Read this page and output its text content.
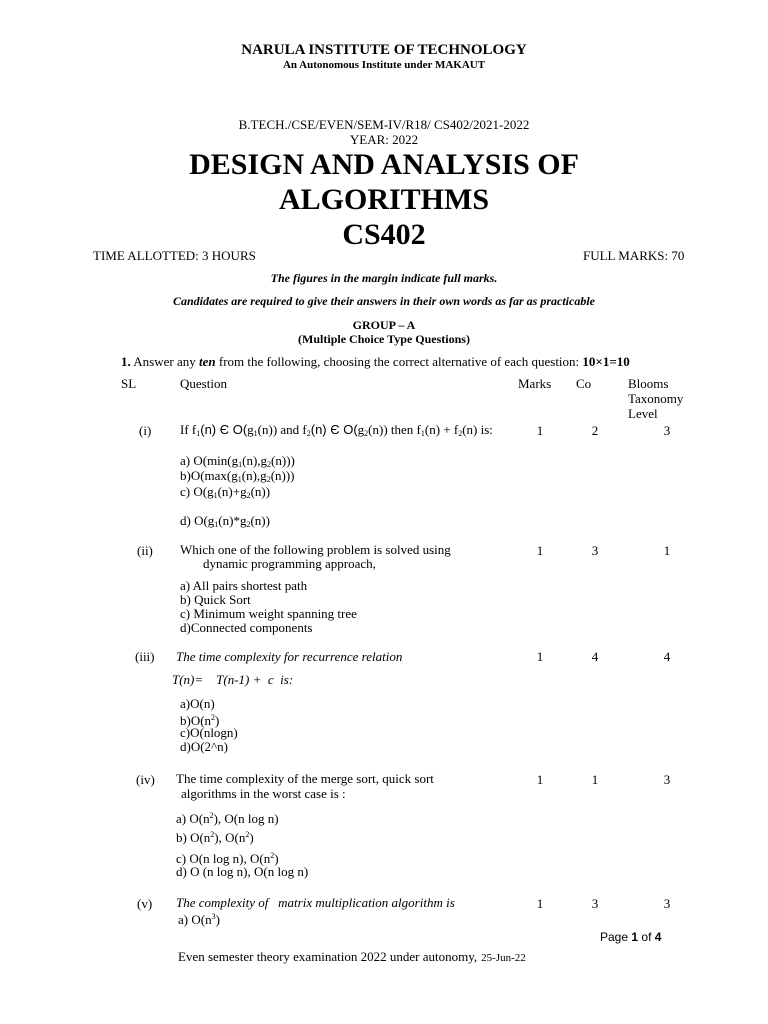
NARULA INSTITUTE OF TECHNOLOGY
An Autonomous Institute under MAKAUT
B.TECH./CSE/EVEN/SEM-IV/R18/ CS402/2021-2022
YEAR: 2022
DESIGN AND ANALYSIS OF
ALGORITHMS
CS402
TIME ALLOTTED: 3 HOURS	FULL MARKS: 70
The figures in the margin indicate full marks.
Candidates are required to give their answers in their own words as far as practicable
GROUP – A
(Multiple Choice Type Questions)
1. Answer any ten from the following, choosing the correct alternative of each question: 10×1=10
SL	Question	Marks Co	Blooms
Taxonomy
Level
(i) If $f_1(n)$ Є $O(g_1(n))$ and $f_2(n)$ Є $O(g_2(n))$ then $f_1(n) + f_2(n)$ is:
a) $O(\min(g_1(n),g_2(n)))$
$b)O(\max(g_1(n),g_2(n)))$
c) $O(g_1(n)+g_2(n))$
d) $O(g_1(n)*g_2(n))$
1	2	3
(ii) Which one of the following problem is solved using
dynamic programming approach,
a) All pairs shortest path
b) Quick Sort
c) Minimum weight spanning tree
d)Connected components
1	3	1
(iii) The time complexity for recurrence relation
T(n)=    T(n-1) +  c  is:
a)O(n)
$b)O(n^2)$
c)O(nlogn)
d)O(2^n)
1	4	4
(iv) The time complexity of the merge sort, quick sort
algorithms in the worst case is :
a) $O(n^2)$, O(n log n)
b) $O(n^2)$, $O(n^2)$
c) O(n log n), $O(n^2)$
d) O (n log n), O(n log n)
1	1	3
(v) The complexity of   matrix multiplication algorithm is
a) $O(n^3)$
1	3	3
Page 1 of 4
Even semester theory examination 2022 under autonomy, 25-Jun-22
